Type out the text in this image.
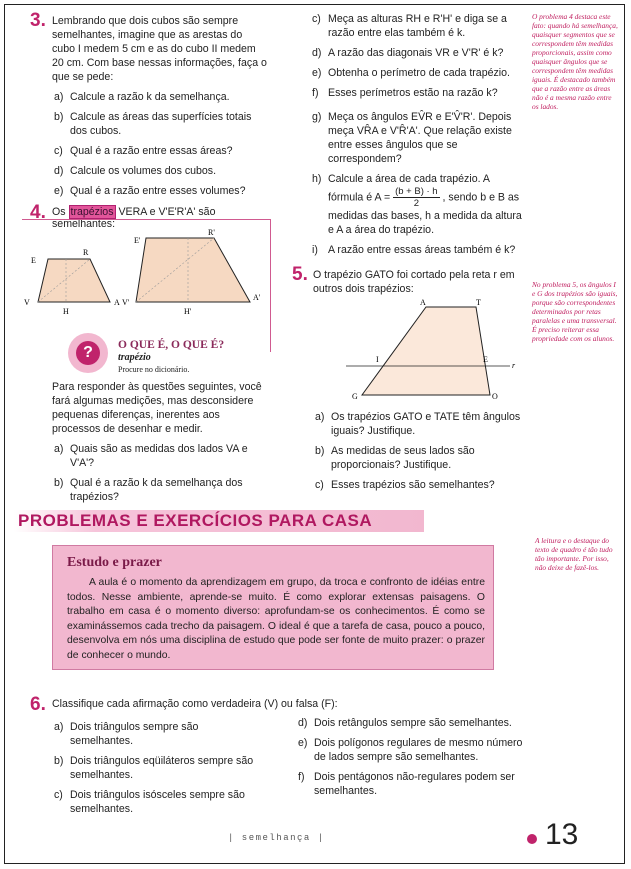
3. Lembrando que dois cubos são sempre semelhantes, imagine que as arestas do cubo I medem 5 cm e as do cubo II medem 20 cm. Com base nessas informações, faça o que se pede:

a) Calcule a razão k da semelhança.
b) Calcule as áreas das superfícies totais dos cubos.
c) Qual é a razão entre essas áreas?
d) Calcule os volumes dos cubos.
e) Qual é a razão entre esses volumes?
4. Os trapézios VERA e V'E'R'A' são semelhantes:
E
R
V
H
A
E'
R'
V'
H'
A'
?	O QUE É, O QUE É?
trapézio
Procure no dicionário.

Para responder às questões seguintes, você fará algumas medições, mas desconsidere pequenas diferenças, inerentes aos processos de desenhar e medir.

a) Quais são as medidas dos lados VA e V'A'?
b) Qual é a razão k da semelhança dos trapézios?
c) Meça as alturas RH e R'H' e diga se a razão entre elas também é k.
d) A razão das diagonais VR e V'R' é k?
e) Obtenha o perímetro de cada trapézio.
f) Esses perímetros estão na razão k?
g) Meça os ângulos EV̂R e E'V̂'R'. Depois meça VR̂A e V'R̂'A'. Que relação existe entre esses ângulos que se correspondem?
h) Calcule a área de cada trapézio. A fórmula é $A = \frac{(b + B) \cdot h}{2}$ , sendo b e B as medidas das bases, h a medida da altura e A a área do trapézio.
i) A razão entre essas áreas também é k?
O problema 4 destaca este fato: quando há semelhança, quaisquer segmentos que se correspondem têm medidas proporcionais, assim como quaisquer ângulos que se correspondem têm medidas iguais. É destacado também que a razão entre as áreas não é a mesma razão entre os lados.
5. O trapézio GATO foi cortado pela reta r em outros dois trapézios:

A	T
I	E
r
G	O
a) Os trapézios GATO e TATE têm ângulos iguais? Justifique.
b) As medidas de seus lados são proporcionais? Justifique.
c) Esses trapézios são semelhantes?
No problema 5, os ângulos I e G dos trapézios são iguais, porque são correspondentes determinados por retas paralelas e uma transversal. É preciso reiterar essa propriedade com os alunos.
PROBLEMAS E EXERCÍCIOS PARA CASA
A leitura e o destaque do texto de quadro é tão tudo tão importante. Por isso, não deixe de fazê-los.
Estudo e prazer

A aula é o momento da aprendizagem em grupo, da troca e confronto de idéias entre todos. Nesse ambiente, aprende-se muito. É como explorar extensas paisagens. O trabalho em casa é o momento diverso: aprofundam-se os conhecimentos. É como se examinássemos cada trecho da paisagem. O ideal é que a tarefa de casa, pouco a pouco, desenvolva em nós uma disciplina de estudo que pode ser fonte de muito prazer: o prazer de conhecer o mundo.

6. Classifique cada afirmação como verdadeira (V) ou falsa (F):
a) Dois triângulos sempre são semelhantes.
b) Dois triângulos eqüiláteros sempre são semelhantes.
c) Dois triângulos isósceles sempre são semelhantes.
d) Dois retângulos sempre são semelhantes.
e) Dois polígonos regulares de mesmo número de lados sempre são semelhantes.
f) Dois pentágonos não-regulares podem ser semelhantes.
| semelhança |	13
